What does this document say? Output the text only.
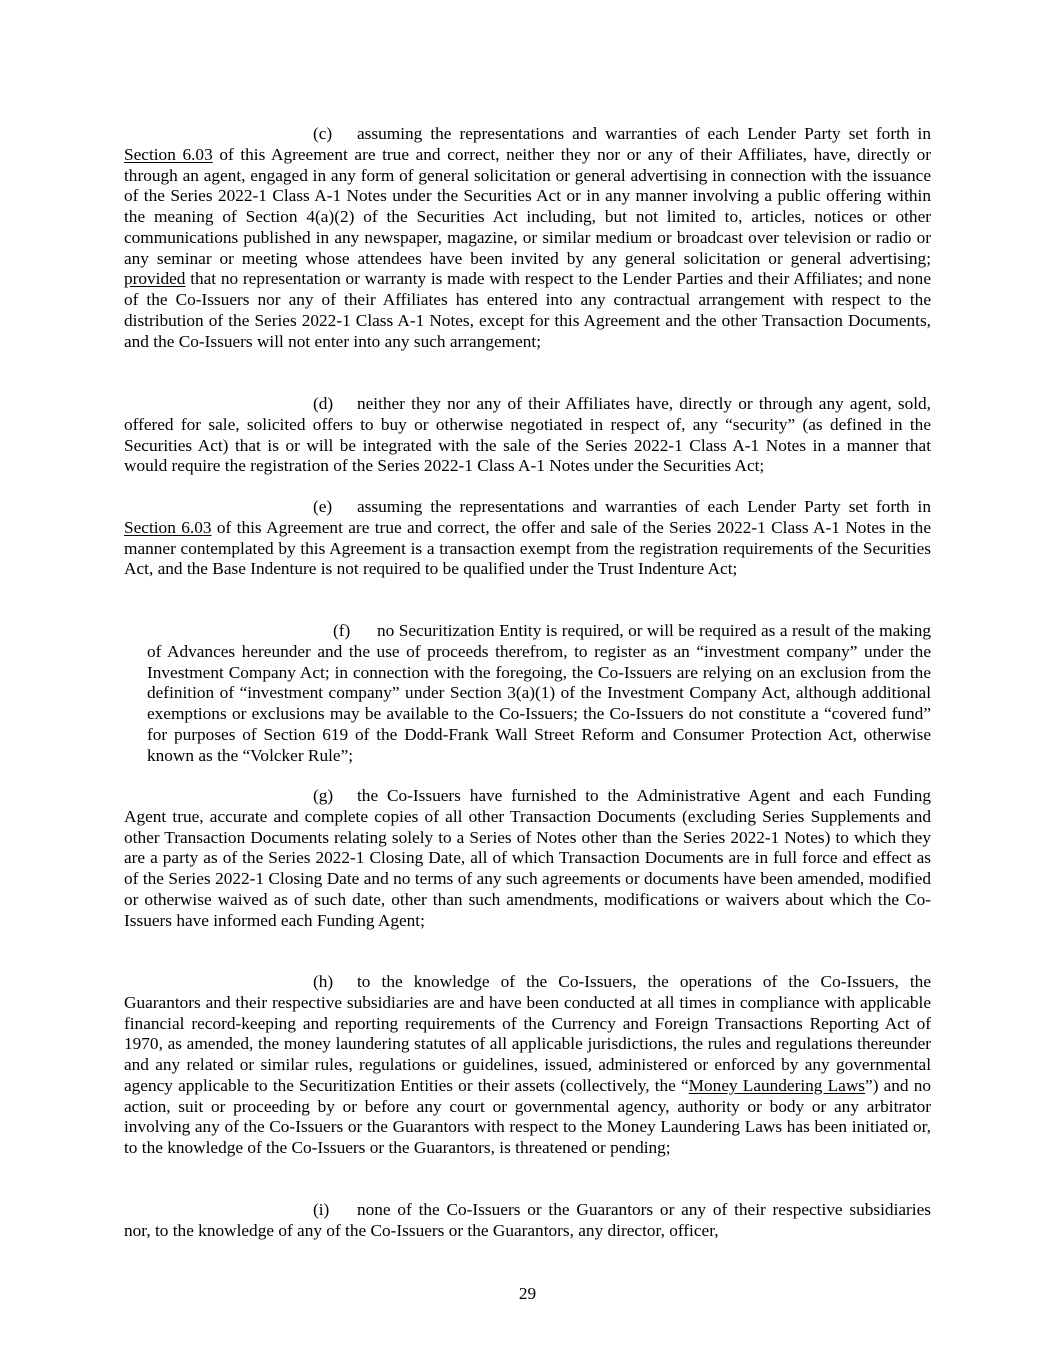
(c) assuming the representations and warranties of each Lender Party set forth in Section 6.03 of this Agreement are true and correct, neither they nor or any of their Affiliates, have, directly or through an agent, engaged in any form of general solicitation or general advertising in connection with the issuance of the Series 2022-1 Class A-1 Notes under the Securities Act or in any manner involving a public offering within the meaning of Section 4(a)(2) of the Securities Act including, but not limited to, articles, notices or other communications published in any newspaper, magazine, or similar medium or broadcast over television or radio or any seminar or meeting whose attendees have been invited by any general solicitation or general advertising; provided that no representation or warranty is made with respect to the Lender Parties and their Affiliates; and none of the Co-Issuers nor any of their Affiliates has entered into any contractual arrangement with respect to the distribution of the Series 2022-1 Class A-1 Notes, except for this Agreement and the other Transaction Documents, and the Co-Issuers will not enter into any such arrangement;

(d) neither they nor any of their Affiliates have, directly or through any agent, sold, offered for sale, solicited offers to buy or otherwise negotiated in respect of, any “security” (as defined in the Securities Act) that is or will be integrated with the sale of the Series 2022-1 Class A-1 Notes in a manner that would require the registration of the Series 2022-1 Class A-1 Notes under the Securities Act;

(e) assuming the representations and warranties of each Lender Party set forth in Section 6.03 of this Agreement are true and correct, the offer and sale of the Series 2022-1 Class A-1 Notes in the manner contemplated by this Agreement is a transaction exempt from the registration requirements of the Securities Act, and the Base Indenture is not required to be qualified under the Trust Indenture Act;

(f) no Securitization Entity is required, or will be required as a result of the making of Advances hereunder and the use of proceeds therefrom, to register as an “investment company” under the Investment Company Act; in connection with the foregoing, the Co-Issuers are relying on an exclusion from the definition of “investment company” under Section 3(a)(1) of the Investment Company Act, although additional exemptions or exclusions may be available to the Co-Issuers; the Co-Issuers do not constitute a “covered fund” for purposes of Section 619 of the Dodd-Frank Wall Street Reform and Consumer Protection Act, otherwise known as the “Volcker Rule”;

(g) the Co-Issuers have furnished to the Administrative Agent and each Funding Agent true, accurate and complete copies of all other Transaction Documents (excluding Series Supplements and other Transaction Documents relating solely to a Series of Notes other than the Series 2022-1 Notes) to which they are a party as of the Series 2022-1 Closing Date, all of which Transaction Documents are in full force and effect as of the Series 2022-1 Closing Date and no terms of any such agreements or documents have been amended, modified or otherwise waived as of such date, other than such amendments, modifications or waivers about which the Co-Issuers have informed each Funding Agent;

(h) to the knowledge of the Co-Issuers, the operations of the Co-Issuers, the Guarantors and their respective subsidiaries are and have been conducted at all times in compliance with applicable financial record-keeping and reporting requirements of the Currency and Foreign Transactions Reporting Act of 1970, as amended, the money laundering statutes of all applicable jurisdictions, the rules and regulations thereunder and any related or similar rules, regulations or guidelines, issued, administered or enforced by any governmental agency applicable to the Securitization Entities or their assets (collectively, the “Money Laundering Laws”) and no action, suit or proceeding by or before any court or governmental agency, authority or body or any arbitrator involving any of the Co-Issuers or the Guarantors with respect to the Money Laundering Laws has been initiated or, to the knowledge of the Co-Issuers or the Guarantors, is threatened or pending;

(i) none of the Co-Issuers or the Guarantors or any of their respective subsidiaries nor, to the knowledge of any of the Co-Issuers or the Guarantors, any director, officer,

29
